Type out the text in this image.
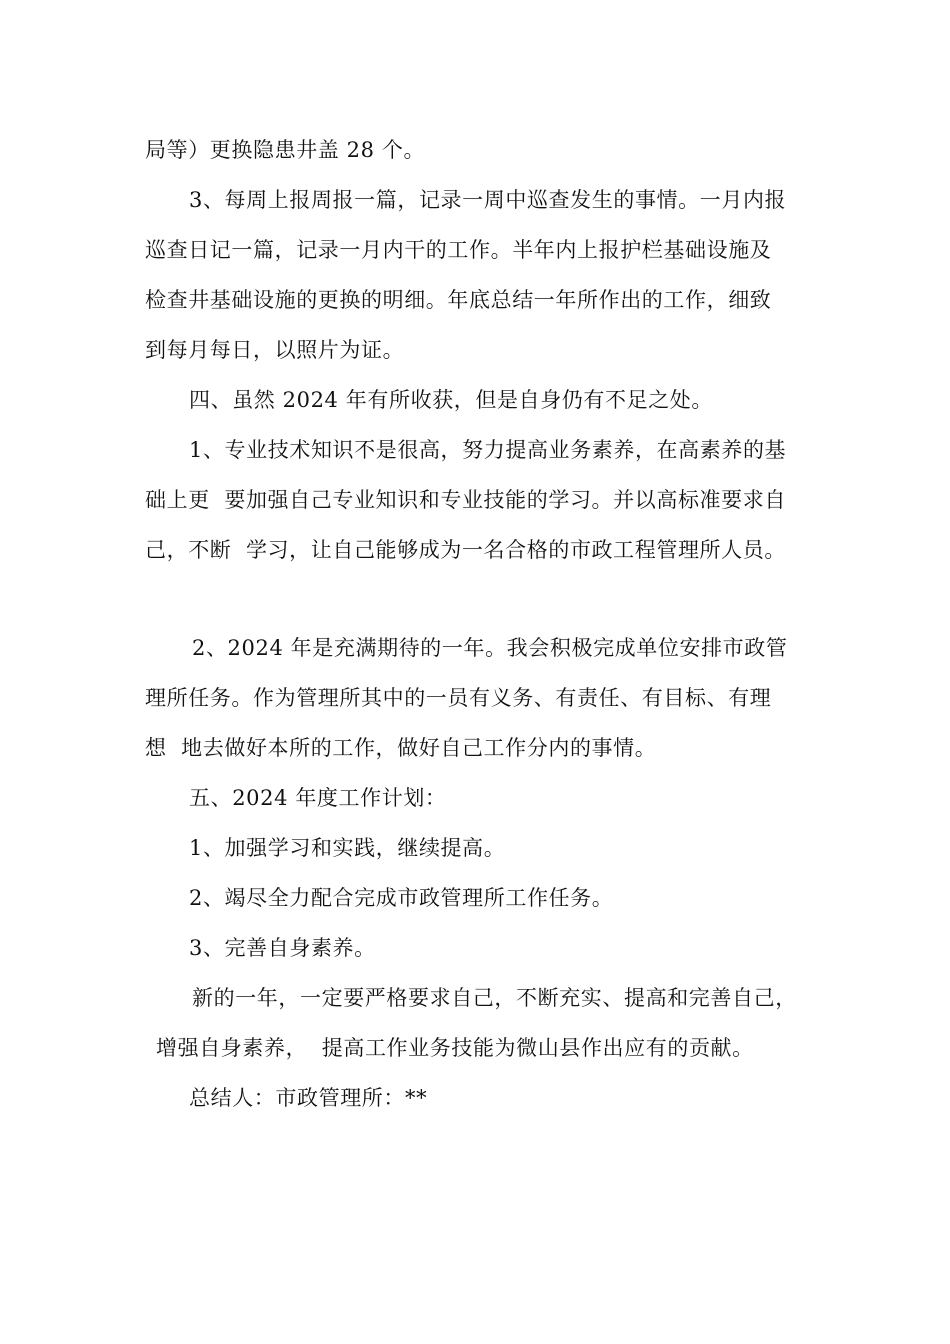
局等）更换隐患井盖 28 个。
3、每周上报周报一篇，记录一周中巡查发生的事情。一月内报
巡查日记一篇，记录一月内干的工作。半年内上报护栏基础设施及
检查井基础设施的更换的明细。年底总结一年所作出的工作，细致
到每月每日，以照片为证。
四、虽然 2024 年有所收获，但是自身仍有不足之处。
1、专业技术知识不是很高，努力提高业务素养，在高素养的基
础上更  要加强自己专业知识和专业技能的学习。并以高标准要求自
己，不断  学习，让自己能够成为一名合格的市政工程管理所人员。
2、2024 年是充满期待的一年。我会积极完成单位安排市政管
理所任务。作为管理所其中的一员有义务、有责任、有目标、有理
想  地去做好本所的工作，做好自己工作分内的事情。
五、2024 年度工作计划：
1、加强学习和实践，继续提高。
2、竭尽全力配合完成市政管理所工作任务。
3、完善自身素养。
新的一年，一定要严格要求自己，不断充实、提高和完善自己，
增强自身素养，  提高工作业务技能为微山县作出应有的贡献。
总结人：市政管理所：**
